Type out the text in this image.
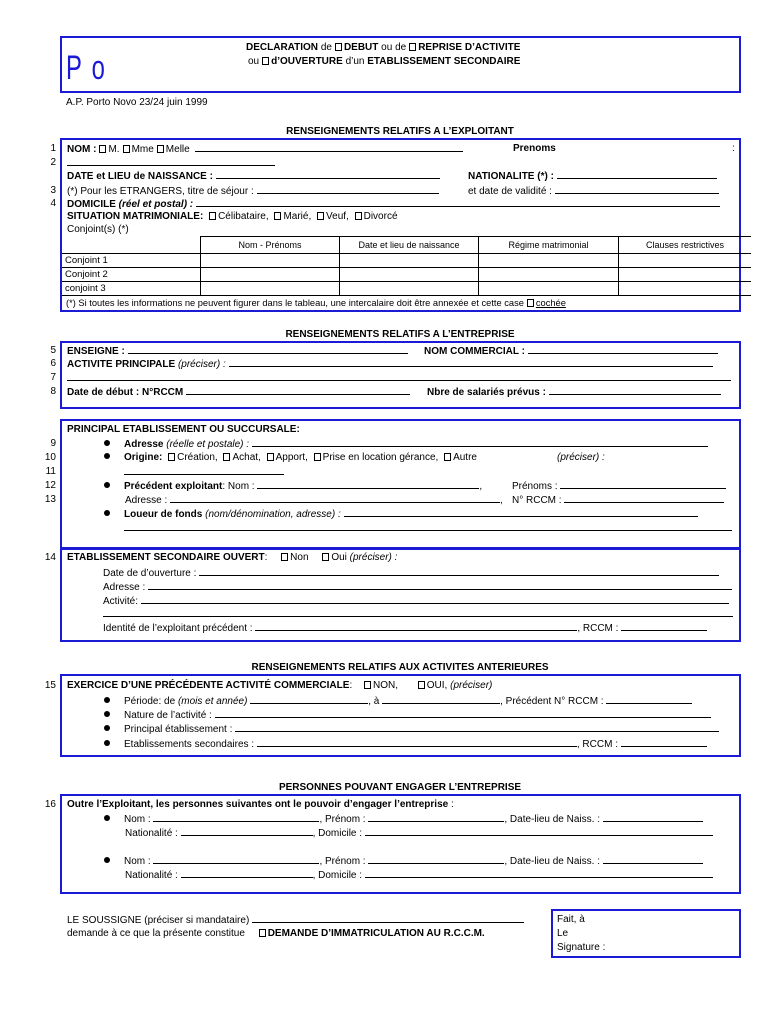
Po
DECLARATION de DEBUT ou de REPRISE D’ACTIVITE
ou d’OUVERTURE d’un ETABLISSEMENT SECONDAIRE
A.P. Porto Novo 23/24 juin 1999
RENSEIGNEMENTS RELATIFS A L’EXPLOITANT
1
2
3
4
NOM : M. Mme Melle	Prenoms	:
DATE et LIEU de NAISSANCE :	NATIONALITE (*) :
(*) Pour les ETRANGERS, titre de séjour :	et date de validité :
DOMICILE (réel et postal) :
SITUATION MATRIMONIALE: Célibataire, Marié, Veuf, Divorcé
Conjoint(s) (*)
	Nom - Prénoms	Date et lieu de naissance	Régime matrimonial	Clauses restrictives
Conjoint 1				
Conjoint 2				
conjoint 3				
(*) Si toutes les informations ne peuvent figurer dans le tableau, une intercalaire doit être annexée et cette case cochée
RENSEIGNEMENTS RELATIFS A L’ENTREPRISE
5
6
7
8
ENSEIGNE :	NOM COMMERCIAL :
ACTIVITE PRINCIPALE (préciser) :
Date de début : N°RCCM	Nbre de salariés prévus :
9
10
11
12
13
PRINCIPAL ETABLISSEMENT OU SUCCURSALE:
Adresse (réelle et postale) :
Origine: Création, Achat, Apport, Prise en location gérance, Autre	(préciser) :
Précédent exploitant: Nom :	,	Prénoms :
Adresse :	, N° RCCM :
Loueur de fonds (nom/dénomination, adresse) :
14 ETABLISSEMENT SECONDAIRE OUVERT: Non Oui (préciser) :
Date de d’ouverture :
Adresse :
Activité:
Identité de l’exploitant précédent :	, RCCM :
RENSEIGNEMENTS RELATIFS AUX ACTIVITES ANTERIEURES
15 EXERCICE D’UNE PRÉCÉDENTE ACTIVITÉ COMMERCIALE: NON,	OUI, (préciser)
Période: de (mois et année)	, à	, Précédent N° RCCM :
Nature de l’activité :
Principal établissement :
Etablissements secondaires :	, RCCM :
PERSONNES POUVANT ENGAGER L’ENTREPRISE
16 Outre l’Exploitant, les personnes suivantes ont le pouvoir d’engager l’entreprise :
Nom :	, Prénom :	, Date-lieu de Naiss. :
Nationalité :	, Domicile :
Nom :	, Prénom :	, Date-lieu de Naiss. :
Nationalité :	, Domicile :
LE SOUSSIGNE (préciser si mandataire)
demande à ce que la présente constitue DEMANDE D’IMMATRICULATION AU R.C.C.M.
Fait, à
Le
Signature :
